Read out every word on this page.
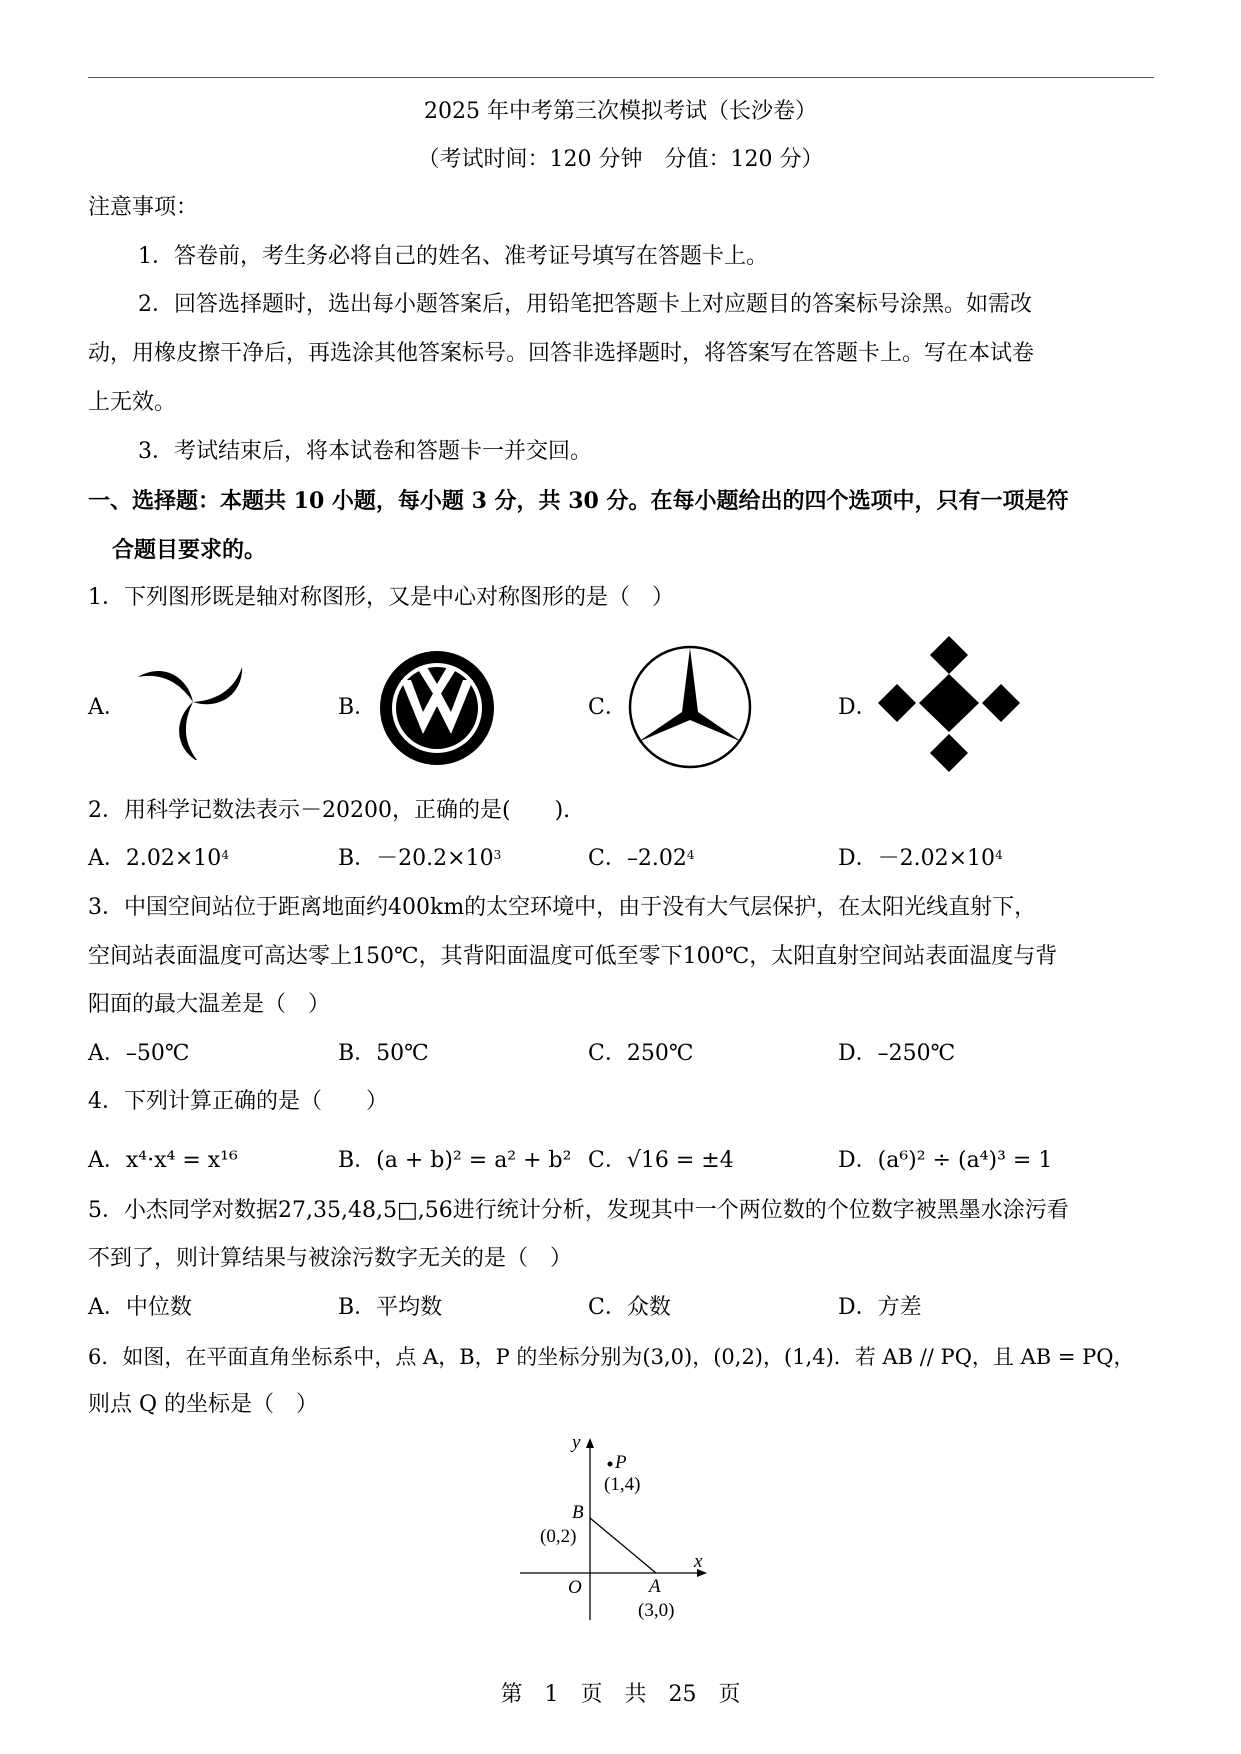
2025 年中考第三次模拟考试（长沙卷）
（考试时间：120 分钟　分值：120 分）
注意事项：
1．答卷前，考生务必将自己的姓名、准考证号填写在答题卡上。
2．回答选择题时，选出每小题答案后，用铅笔把答题卡上对应题目的答案标号涂黑。如需改
动，用橡皮擦干净后，再选涂其他答案标号。回答非选择题时，将答案写在答题卡上。写在本试卷
上无效。
3．考试结束后，将本试卷和答题卡一并交回。
一、选择题：本题共 10 小题，每小题 3 分，共 30 分。在每小题给出的四个选项中，只有一项是符
合题目要求的。
1．下列图形既是轴对称图形，又是中心对称图形的是（　）
A．	B．	C．	D．
2．用科学记数法表示－20200，正确的是(　　).
A．$2.02\times 10^4$	B．$-20.2\times 10^3$	C．–2.02$^4$	D．$-2.02\times 10^4$
3．中国空间站位于距离地面约400km的太空环境中，由于没有大气层保护，在太阳光线直射下，
空间站表面温度可高达零上150℃，其背阳面温度可低至零下100℃，太阳直射空间站表面温度与背
阳面的最大温差是（　）
A．–50℃	B．50℃	C．250℃	D．–250℃
4．下列计算正确的是（　　）
A．x⁴·x⁴ = x¹⁶	B．(a + b)² = a² + b² C．√16 = ±4	D．(a⁶)² ÷ (a⁴)³ = 1
5．小杰同学对数据27,35,48,5□,56进行统计分析，发现其中一个两位数的个位数字被黑墨水涂污看
不到了，则计算结果与被涂污数字无关的是（　）
A．中位数	B．平均数	C．众数	D．方差
6．如图，在平面直角坐标系中，点 A，B，P 的坐标分别为(3,0)，(0,2)，(1,4)．若 AB // PQ，且 AB = PQ，
则点 Q 的坐标是（　）
y
x
O
P
(1,4)
B
(0,2)
A
(3,0)
第　1　页　共　25　页
